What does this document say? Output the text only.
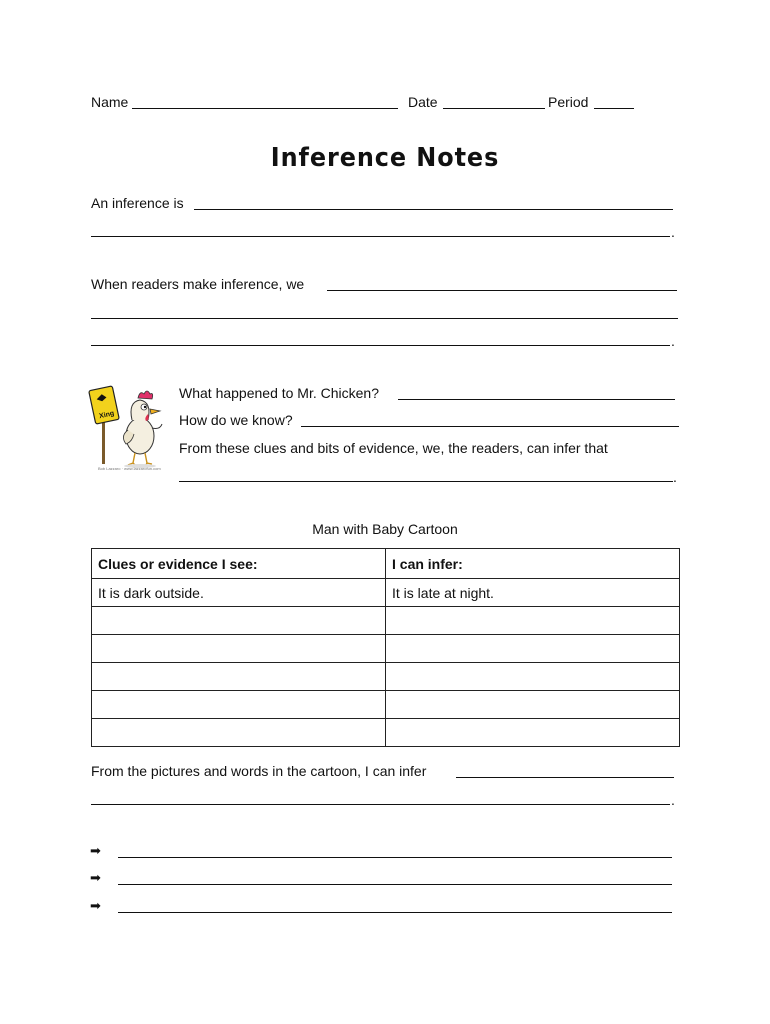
Name	Date	Period
Inference Notes
An inference is
.
When readers make inference, we
.
Xing
Bob Lazzaro · www.lazzarofun.com
What happened to Mr. Chicken?
How do we know?
From these clues and bits of evidence, we, the readers, can infer that
.
Man with Baby Cartoon
Clues or evidence I see:	I can infer:
It is dark outside.	It is late at night.

From the pictures and words in the cartoon, I can infer
.
➡
➡
➡
